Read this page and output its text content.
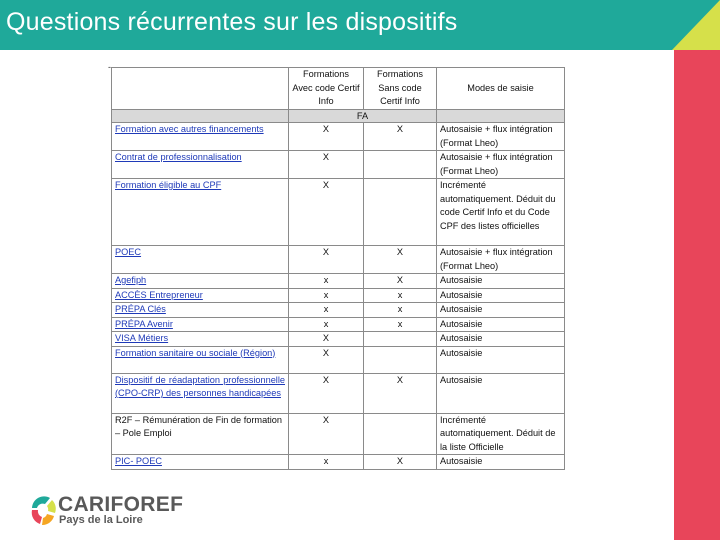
Questions récurrentes sur les dispositifs
-
	Formations Avec code Certif Info	Formations Sans code Certif Info	Modes de saisie
	FA		
Formation avec autres financements	X	X	Autosaisie + flux intégration (Format Lheo)
Contrat de professionnalisation	X		Autosaisie + flux intégration (Format Lheo)
Formation éligible au CPF	X		Incrémenté automatiquement. Déduit du code Certif Info et du Code CPF des listes officielles
POEC	X	X	Autosaisie + flux intégration (Format Lheo)
Agefiph	x	X	Autosaisie
ACCÈS Entrepreneur	x	x	Autosaisie
PRÉPA Clés	x	x	Autosaisie
PRÉPA Avenir	x	x	Autosaisie
VISA Métiers	X		Autosaisie
Formation sanitaire ou sociale (Région)	X		Autosaisie
Dispositif de réadaptation professionnelle (CPO-CRP) des personnes handicapées	X	X	Autosaisie
R2F – Rémunération de Fin de formation – Pole Emploi	X		Incrémenté automatiquement. Déduit de la liste Officielle
PIC- POEC	x	X	Autosaisie
CARIFOREF
Pays de la Loire
